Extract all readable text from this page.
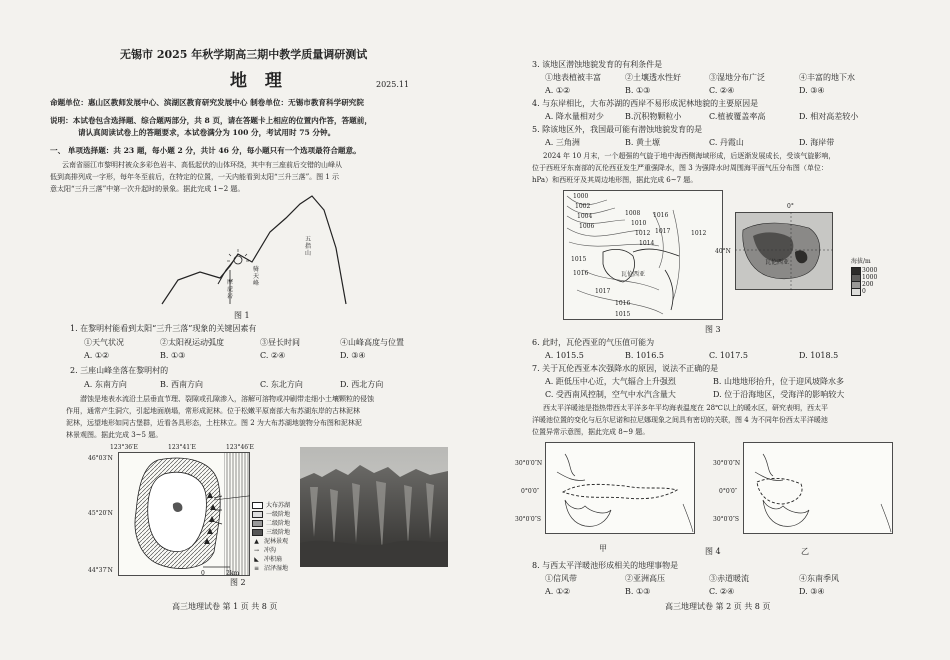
无锡市 2025 年秋学期高三期中教学质量调研测试
地 理	2025.11
命题单位：惠山区教师发展中心、滨湖区教育研究发展中心 制卷单位：无锡市教育科学研究院
说明：本试卷包含选择题、综合题两部分，共 8 页，请在答题卡上相应的位置内作答，答题前，
请认真阅读试卷上的答题要求，本试卷满分为 100 分，考试用时 75 分钟。
一、 单项选择题：共 23 题，每小题 2 分，共计 46 分，每小题只有一个选项最符合题意。
云南省丽江市黎明村被众多彩色岩丰、高低起伏的山体环绕，其中有三座前后交错的山峰从
低到高排列成一字形，每年冬至前后，在特定的位置，一天内能看到太阳“三升三落”。图 1 示
意太阳“三升三落”中第一次升起时的景象。据此完成 1~2 题。
摩虎岩
骑天峰
五指山
图 1
1. 在黎明村能看到太阳“三升三落”现象的关键因素有
①天气状况	②太阳视运动弧度	③昼长时间	④山峰高度与位置
A. ①②	B. ①③	C. ②④	D. ③④
2. 三座山峰坐落在黎明村的
A. 东南方向	B. 西南方向	C. 东北方向	D. 西北方向
潜蚀是地表水流沿土层垂直节理、裂隙或孔隙渗入，溶解可溶物或冲刷带走细小土壤颗粒的侵蚀
作用，通常产生洞穴，引起地面崩塌，常形成泥林。位于松嫩平原南部大布苏湖东岸的古林泥林
泥林，远望地形如同古堡群，近看各具形态，土柱林立。图 2 为大布苏湖地貌物分布图和泥林泥
林景观图。据此完成 3~5 题。
123°36′E	123°41′E	123°46′E
46°03′N
45°20′N
44°37′N	0	2km
大布苏湖
一级阶地
二级阶地
三级阶地
▲ 泥林景观
→ 冲沟
◣ 冲积扇
≡ 沼泽湿地
图 2
高三地理试卷 第 1 页 共 8 页
3. 该地区潜蚀地貌发育的有利条件是
①地表植被丰富	②土壤透水性好	③湿地分布广泛	④丰富的地下水
A. ①②	B. ①③	C. ②④	D. ③④
4. 与东岸相比，大布苏湖的西岸不易形成泥林地貌的主要原因是
A. 降水量相对少	B.沉积物颗粒小	C.植被覆盖率高	D. 相对高差较小
5. 除该地区外，我国最可能有潜蚀地貌发育的是
A. 三角洲	B. 黄土塬	C. 丹霞山	D. 海岸带
2024 年 10 月末，一个超强的气旋于地中海西侧海域形成，后逐渐发展成长，受该气旋影响，
位于西班牙东南部的瓦伦西亚发生严重强降水，图 3 为强降水时周围海平面气压分布图（单位：
hPa）和西班牙及其周边地形图，据此完成 6~7 题。
1000
1002
1004
1006
1008
1010
1012
1014
1016
1017
1015
1016
1017
1016
1015
1012
瓦伦西亚
0°
40°N
瓦伦西亚	海拔/m
3000
1000
200
0
图 3
6. 此时，瓦伦西亚的气压值可能为
A. 1015.5	B. 1016.5	C. 1017.5	D. 1018.5
7. 关于瓦伦西亚本次强降水的原因，说法不正确的是
A. 距低压中心近，大气辐合上升强烈	B. 山地地形抬升，位于迎风坡降水多
C. 受西南风控制，空气中水汽含量大	D. 位于沿海地区，受海洋的影响较大
西太平洋暖池是指热带西太平洋多年平均海表温度在 28℃以上的暖水区，研究表明，西太平
洋暖池位置的变化与厄尔尼诺和拉尼娜现象之间具有密切的关联，图 4 为不同年份西太平洋暖池
位置异常示意图，据此完成 8~9 题。
30°0′0″N
0°0′0″
30°0′0″S
30°0′0″N
0°0′0″
30°0′0″S
甲	图 4	乙
8. 与西太平洋暖池形成相关的地理事物是
①信风带	②亚洲高压	③赤道暖流	④东南季风
A. ①②	B. ①③	C. ②④	D. ③④
高三地理试卷 第 2 页 共 8 页
